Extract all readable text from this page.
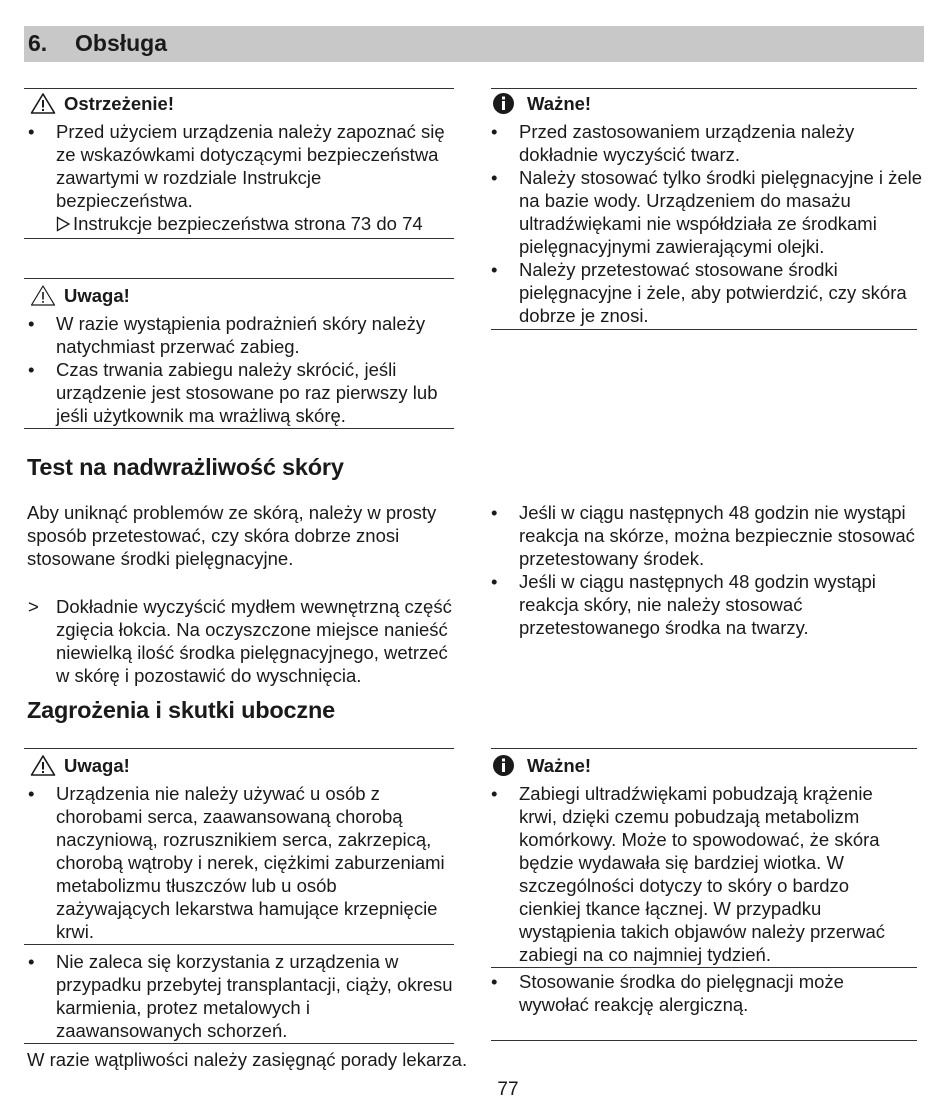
6. Obsługa
Ostrzeżenie!
• Przed użyciem urządzenia należy zapoznać się ze wskazówkami dotyczącymi bezpieczeństwa zawartymi w rozdziale Instrukcje bezpieczeństwa.
Instrukcje bezpieczeństwa strona 73 do 74
Ważne!
• Przed zastosowaniem urządzenia należy dokładnie wyczyścić twarz.
• Należy stosować tylko środki pielęgnacyjne i żele na bazie wody. Urządzeniem do masażu ultradźwiękami nie współdziała ze środkami pielęgnacyjnymi zawierającymi olejki.
• Należy przetestować stosowane środki pielęgnacyjne i żele, aby potwierdzić, czy skóra dobrze je znosi.
Uwaga!
• W razie wystąpienia podrażnień skóry należy natychmiast przerwać zabieg.
• Czas trwania zabiegu należy skrócić, jeśli urządzenie jest stosowane po raz pierwszy lub jeśli użytkownik ma wrażliwą skórę.
Test na nadwrażliwość skóry

Aby uniknąć problemów ze skórą, należy w prosty sposób przetestować, czy skóra dobrze znosi stosowane środki pielęgnacyjne.

> Dokładnie wyczyścić mydłem wewnętrzną część zgięcia łokcia. Na oczyszczone miejsce nanieść niewielką ilość środka pielęgnacyjnego, wetrzeć w skórę i pozostawić do wyschnięcia.
• Jeśli w ciągu następnych 48 godzin nie wystąpi reakcja na skórze, można bezpiecznie stosować przetestowany środek.
• Jeśli w ciągu następnych 48 godzin wystąpi reakcja skóry, nie należy stosować przetestowanego środka na twarzy.
Zagrożenia i skutki uboczne
Uwaga!
• Urządzenia nie należy używać u osób z chorobami serca, zaawansowaną chorobą naczyniową, rozrusznikiem serca, zakrzepicą, chorobą wątroby i nerek, ciężkimi zaburzeniami metabolizmu tłuszczów lub u osób zażywających lekarstwa hamujące krzepnięcie krwi.
• Nie zaleca się korzystania z urządzenia w przypadku przebytej transplantacji, ciąży, okresu karmienia, protez metalowych i zaawansowanych schorzeń.

W razie wątpliwości należy zasięgnąć porady lekarza.

Ważne!
• Zabiegi ultradźwiękami pobudzają krążenie krwi, dzięki czemu pobudzają metabolizm komórkowy. Może to spowodować, że skóra będzie wydawała się bardziej wiotka. W szczególności dotyczy to skóry o bardzo cienkiej tkance łącznej. W przypadku wystąpienia takich objawów należy przerwać zabiegi na co najmniej tydzień.
• Stosowanie środka do pielęgnacji może wywołać reakcję alergiczną.
77
